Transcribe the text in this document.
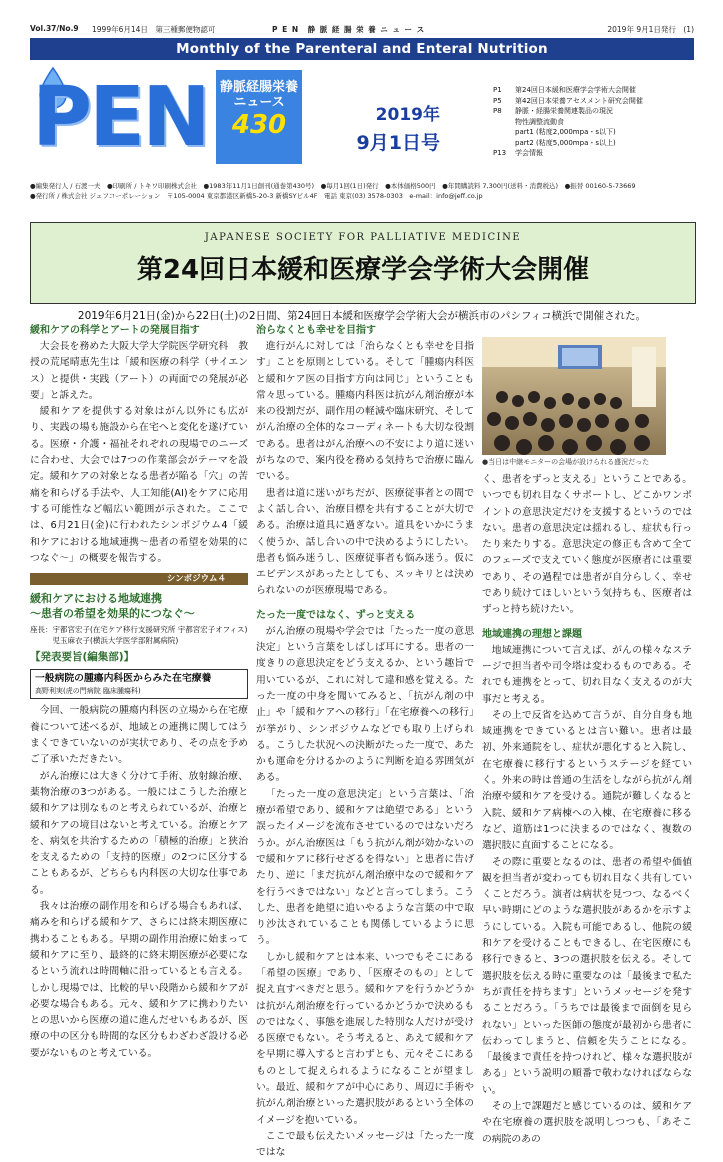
Vol.37/No.9 1999年6月14日　第三種郵便物認可	P E N　静 脈 経 腸 栄 養 ニ ュ ー ス	2019年 9月1日発行　(1)
Monthly of the Parenteral and Enteral Nutrition
PEN 静脈経腸栄養
ニュース
430	2019年
9月1日号
P1	第24回日本緩和医療学会学術大会開催
P5	第42回日本栄養アセスメント研究会開催
P8	静脈・経腸栄養関連製品の現況
物性調整流動食
part1 (粘度2,000mpa・s以下)
part2 (粘度5,000mpa・s以上)
P13	学会情報
●編集発行人 / 石渡一夫　●印刷所 / トキワ印刷株式会社　●1983年11月1日創刊(通巻第430号)　●毎月1回(1日)発行　●本体価格500円　●年間購読料 7,300円(送料・消費税込)　●振替 00160-5-73669
●発行所 / 株式会社 ジェフコーポレーション　〒105-0004 東京都港区新橋5-20-3 新橋SYビル4F　電話 東京(03) 3578-0303　e-mail：info@jeff.co.jp
JAPANESE SOCIETY FOR PALLIATIVE MEDICINE
第24回日本緩和医療学会学術大会開催
2019年6月21日(金)から22日(土)の2日間、第24回日本緩和医療学会学術大会が横浜市のパシフィコ横浜で開催された。
緩和ケアの科学とアートの発展目指す

大会長を務めた大阪大学大学院医学研究科　教授の荒尾晴恵先生は「緩和医療の科学（サイエンス）と提供・実践（アート）の両面での発展が必要」と訴えた。

緩和ケアを提供する対象はがん以外にも広がり、実践の場も施設から在宅へと変化を遂げている。医療・介護・福祉それぞれの現場でのニーズに合わせ、大会では7つの作業部会がテーマを設定。緩和ケアの対象となる患者が陥る「穴」の苦痛を和らげる手法や、人工知能(AI)をケアに応用する可能性など幅広い範囲が示された。ここでは、6月21日(金)に行われたシンポジウム4「緩和ケアにおける地域連携〜患者の希望を効果的につなぐ〜」の概要を報告する。

シンポジウム４
緩和ケアにおける地域連携
〜患者の希望を効果的につなぐ〜
座長：宇都宮宏子(在宅ケア移行支援研究所 宇都宮宏子オフィス)
　　　児玉麻衣子(横浜大学医学部附属病院)
【発表要旨(編集部)】
一般病院の腫瘍内科医からみた在宅療養
高野利実(虎の門病院 臨床腫瘍科)

今回、一般病院の腫瘍内科医の立場から在宅療養について述べるが、地域との連携に関してはうまくできていないのが実状であり、その点を予めご了承いただきたい。

がん治療には大きく分けて手術、放射線治療、薬物治療の3つがある。一般にはこうした治療と緩和ケアは別なものと考えられているが、治療と緩和ケアの境目はないと考えている。治療とケアを、病気を共治するための「積極的治療」と狭治を支えるための「支持的医療」の2つに区分することもあるが、どちらも内科医の大切な仕事である。

我々は治療の副作用を和らげる場合もあれば、痛みを和らげる緩和ケア、さらには終末期医療に携わることもある。早期の副作用治療に始まって緩和ケアに至り、最終的に終末期医療が必要になるという流れは時間軸に沿っているとも言える。しかし現場では、比較的早い段階から緩和ケアが必要な場合もある。元々、緩和ケアに携わりたいとの思いから医療の道に進んだせいもあるが、医療の中の区分も時間的な区分もわざわざ設ける必要がないものと考えている。

治らなくとも幸せを目指す

進行がんに対しては「治らなくとも幸せを目指す」ことを原則としている。そして「腫瘍内科医と緩和ケア医の目指す方向は同じ」ということも常々思っている。腫瘍内科医は抗がん剤治療が本来の役割だが、副作用の軽減や臨床研究、そしてがん治療の全体的なコーディネートも大切な役割である。患者はがん治療への不安により道に迷いがちなので、案内役を務める気持ちで治療に臨んでいる。

患者は道に迷いがちだが、医療従事者との間でよく話し合い、治療目標を共有することが大切である。治療は道具に過ぎない。道具をいかにうまく使うか、話し合いの中で決めるようにしたい。患者も悩み迷うし、医療従事者も悩み迷う。仮にエビデンスがあったとしても、スッキリとは決められないのが医療現場である。

たった一度ではなく、ずっと支える

がん治療の現場や学会では「たった一度の意思決定」という言葉をしばしば耳にする。患者の一度きりの意思決定をどう支えるか、という趣旨で用いているが、これに対して違和感を覚える。たった一度の中身を聞いてみると、「抗がん剤の中止」や「緩和ケアへの移行」「在宅療養への移行」が挙がり、シンポジウムなどでも取り上げられる。こうした状況への決断がたった一度で、あたかも運命を分けるかのように判断を迫る雰囲気がある。

「たった一度の意思決定」という言葉は、「治療が希望であり、緩和ケアは絶望である」という誤ったイメージを流布させているのではないだろうか。がん治療医は「もう抗がん剤が効かないので緩和ケアに移行せざるを得ない」と患者に告げたり、逆に「まだ抗がん剤治療中なので緩和ケアを行うべきではない」などと言ってしまう。こうした、患者を絶望に追いやるような言葉の中で取り沙汰されていることも関係しているように思う。

しかし緩和ケアとは本来、いつでもそこにある「希望の医療」であり、「医療そのもの」として捉え直すべきだと思う。緩和ケアを行うかどうかは抗がん剤治療を行っているかどうかで決めるものではなく、事態を進展した特別な人だけが受ける医療でもない。そう考えると、あえて緩和ケアを早期に導入すると言わずとも、元々そこにあるものとして捉えられるようになることが望ましい。最近、緩和ケアが中心にあり、周辺に手術や抗がん剤治療といった選択肢があるという全体のイメージを抱いている。

ここで最も伝えたいメッセージは「たった一度ではな

●当日は中継モニターの会場が設けられる盛況だった

く、患者をずっと支える」ということである。いつでも切れ目なくサポートし、どこかワンポイントの意思決定だけを支援するというのではない。患者の意思決定は揺れるし、症状も行ったり来たりする。意思決定の修正も含めて全てのフェーズで支えていく態度が医療者には重要であり、その過程では患者が自分らしく、幸せであり続けてほしいという気持ちも、医療者はずっと持ち続けたい。

地域連携の理想と課題

地域連携について言えば、がんの様々なステージで担当者や司令塔は変わるものである。それでも連携をとって、切れ目なく支えるのが大事だと考える。

その上で反省を込めて言うが、自分自身も地域連携をできているとは言い難い。患者は最初、外来通院をし、症状が悪化すると入院し、在宅療養に移行するというステージを経ていく。外来の時は普通の生活をしながら抗がん剤治療や緩和ケアを受ける。通院が難しくなると入院、緩和ケア病棟への入棟、在宅療養に移るなど、道筋は1つに決まるのではなく、複数の選択肢に直面することになる。

その際に重要となるのは、患者の希望や価値観を担当者が変わっても切れ目なく共有していくことだろう。演者は病状を見つつ、なるべく早い時期にどのような選択肢があるかを示すようにしている。入院も可能であるし、他院の緩和ケアを受けることもできるし、在宅医療にも移行できると、3つの選択肢を伝える。そして選択肢を伝える時に重要なのは「最後まで私たちが責任を持ちます」というメッセージを発することだろう。「うちでは最後まで面倒を見られない」といった医師の態度が最初から患者に伝わってしまうと、信頼を失うことになる。「最後まで責任を持つけれど、様々な選択肢がある」という説明の順番で敬わなければならない。

その上で課題だと感じているのは、緩和ケアや在宅療養の選択肢を説明しつつも、「あそこの病院のあの
